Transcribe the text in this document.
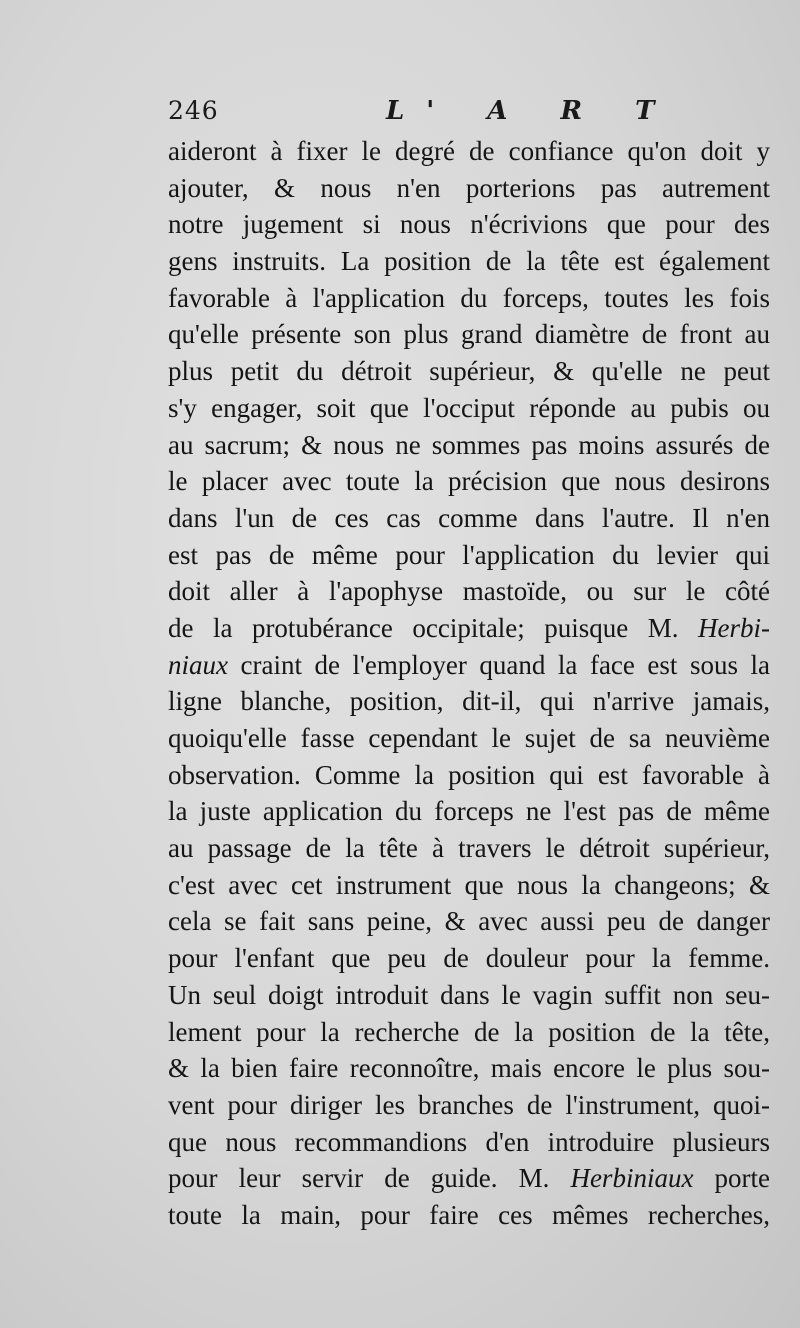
246	L' A R T
aideront à fixer le degré de confiance qu'on doit y
ajouter, & nous n'en porterions pas autrement
notre jugement si nous n'écrivions que pour des
gens instruits. La position de la tête est également
favorable à l'application du forceps, toutes les fois
qu'elle présente son plus grand diamètre de front au
plus petit du détroit supérieur, & qu'elle ne peut
s'y engager, soit que l'occiput réponde au pubis ou
au sacrum; & nous ne sommes pas moins assurés de
le placer avec toute la précision que nous desirons
dans l'un de ces cas comme dans l'autre. Il n'en
est pas de même pour l'application du levier qui
doit aller à l'apophyse mastoïde, ou sur le côté
de la protubérance occipitale; puisque M. Herbi-
niaux craint de l'employer quand la face est sous la
ligne blanche, position, dit-il, qui n'arrive jamais,
quoiqu'elle fasse cependant le sujet de sa neuvième
observation. Comme la position qui est favorable à
la juste application du forceps ne l'est pas de même
au passage de la tête à travers le détroit supérieur,
c'est avec cet instrument que nous la changeons; &
cela se fait sans peine, & avec aussi peu de danger
pour l'enfant que peu de douleur pour la femme.
Un seul doigt introduit dans le vagin suffit non seu-
lement pour la recherche de la position de la tête,
& la bien faire reconnoître, mais encore le plus sou-
vent pour diriger les branches de l'instrument, quoi-
que nous recommandions d'en introduire plusieurs
pour leur servir de guide. M. Herbiniaux porte
toute la main, pour faire ces mêmes recherches,
